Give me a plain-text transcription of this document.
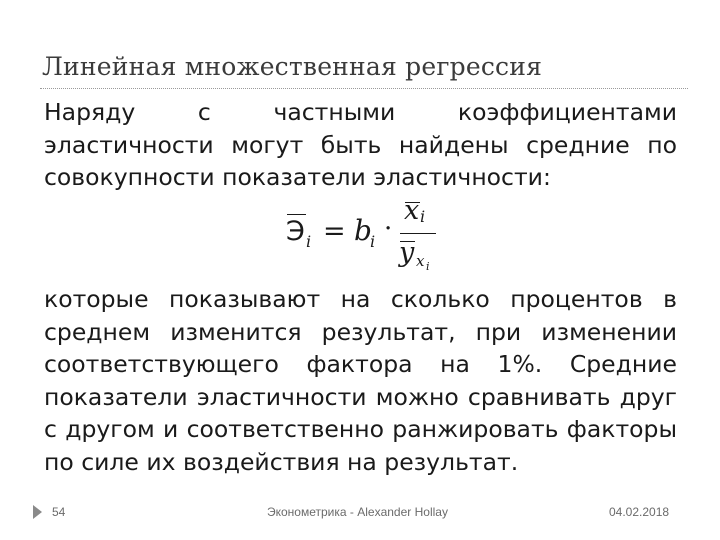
Линейная множественная регрессия
Наряду с частными коэффициентами эластичности могут быть найдены средние по совокупности показатели эластичности:
Э i = b
i ·
x i
y x i
которые показывают на сколько процентов в среднем изменится результат, при изменении соответствующего фактора на 1%. Средние показатели эластичности можно сравнивать друг с другом и соответственно ранжировать факторы по силе их воздействия на результат.
54	Эконометрика - Alexander Hollay	04.02.2018
